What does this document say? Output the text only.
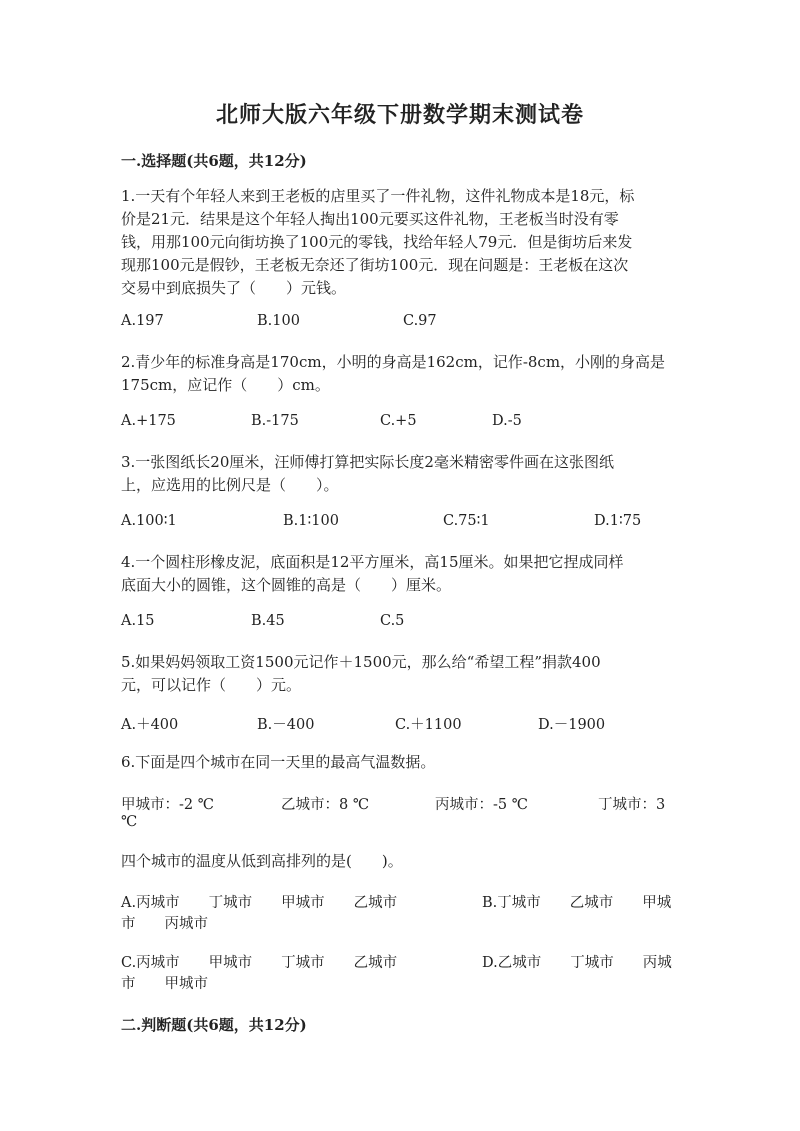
北师大版六年级下册数学期末测试卷
一.选择题(共6题，共12分)
1.一天有个年轻人来到王老板的店里买了一件礼物，这件礼物成本是18元，标
价是21元．结果是这个年轻人掏出100元要买这件礼物，王老板当时没有零
钱，用那100元向街坊换了100元的零钱，找给年轻人79元．但是街坊后来发
现那100元是假钞，王老板无奈还了街坊100元．现在问题是：王老板在这次
交易中到底损失了（　　）元钱。
A.197	B.100	C.97
2.青少年的标准身高是170cm，小明的身高是162cm，记作-8cm，小刚的身高是
175cm，应记作（　　）cm。
A.+175	B.-175	C.+5	D.-5
3.一张图纸长20厘米，汪师傅打算把实际长度2毫米精密零件画在这张图纸
上，应选用的比例尺是（　　）。
A.100∶1	B.1∶100	C.75∶1	D.1∶75
4.一个圆柱形橡皮泥，底面积是12平方厘米，高15厘米。如果把它捏成同样
底面大小的圆锥，这个圆锥的高是（　　）厘米。
A.15	B.45	C.5
5.如果妈妈领取工资1500元记作＋1500元，那么给“希望工程”捐款400
元，可以记作（　　）元。
A.＋400	B.－400	C.＋1100	D.－1900
6.下面是四个城市在同一天里的最高气温数据。
甲城市：-2 ℃	乙城市：8 ℃	丙城市：-5 ℃	丁城市：3
℃
四个城市的温度从低到高排列的是(　　)。
A.丙城市　　丁城市　　甲城市　　乙城市	B.丁城市　　乙城市　　甲城
市　　丙城市
C.丙城市　　甲城市　　丁城市　　乙城市	D.乙城市　　丁城市　　丙城
市　　甲城市
二.判断题(共6题，共12分)
